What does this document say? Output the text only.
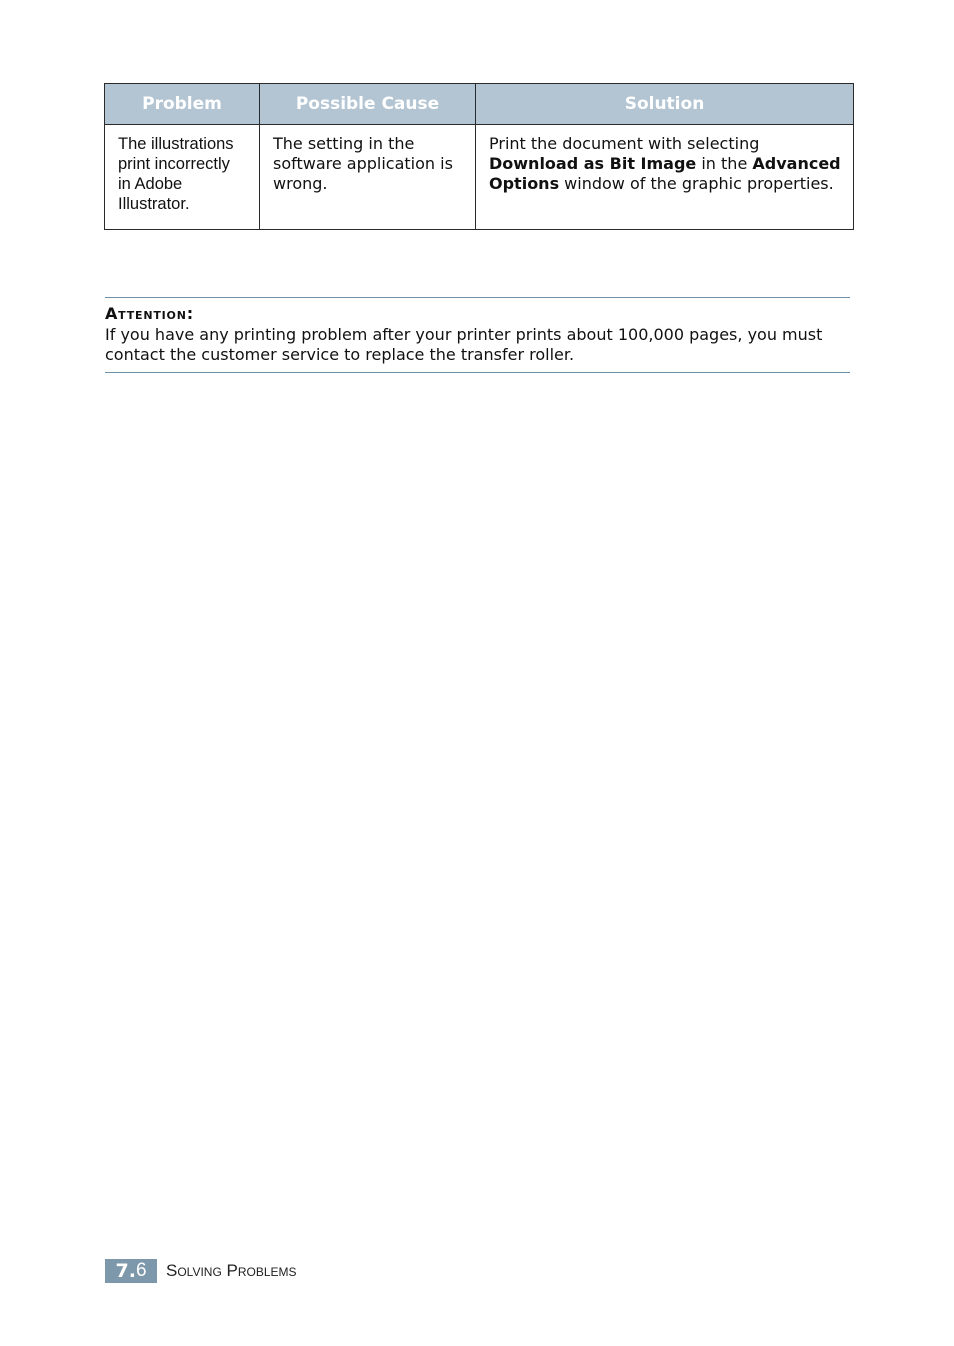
Problem	Possible Cause	Solution
The illustrations print incorrectly in Adobe Illustrator.	The setting in the software application is wrong.	Print the document with selecting Download as Bit Image in the Advanced Options window of the graphic properties.
Attention:
If you have any printing problem after your printer prints about 100,000 pages, you must contact the customer service to replace the transfer roller.
7. 6 Solving Problems
